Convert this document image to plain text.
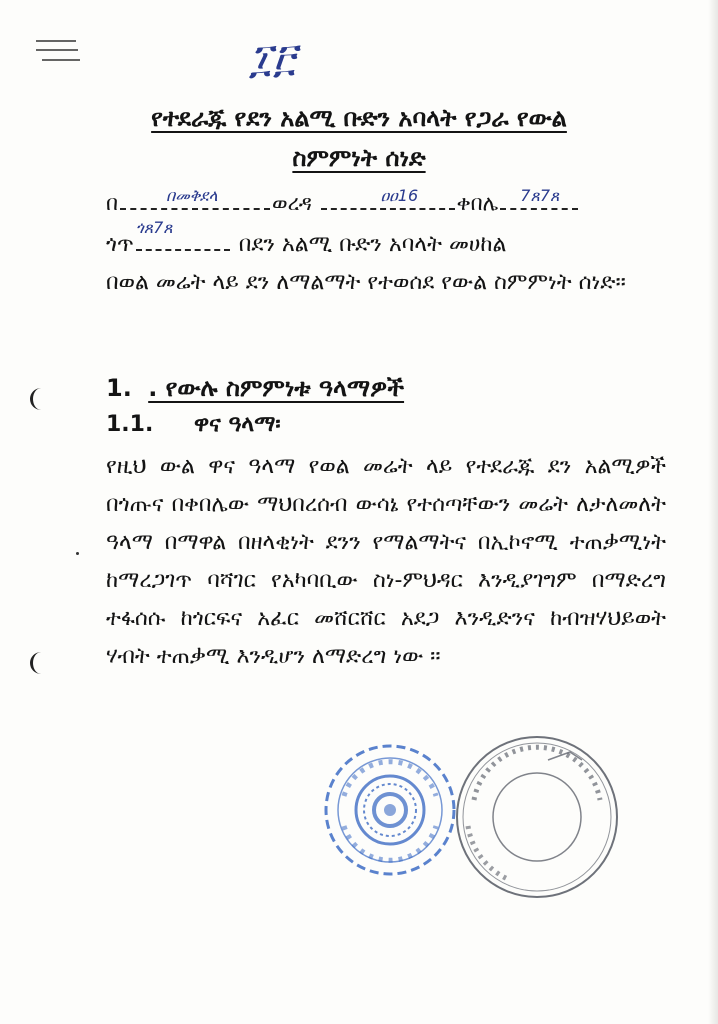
፲፫
የተደራጁ የደን አልሚ ቡድን አባላት የጋራ የውል
ስምምነት ሰነድ
በ	በመቅደላ	ወረዳ	ዐዐ16 ቀበሌ 7ጸ7ጸ
ጎጥ
ጎጸ7ጸ
በደን አልሚ ቡድን አባላት መሀከል
በወል መሬት ላይ ደን ለማልማት የተወሰደ የውል ስምምነት ሰነድ፡፡
1. . የውሉ ስምምነቱ ዓላማዎች
1.1. ዋና ዓላማ፡

የዚህ ውል ዋና ዓላማ የወል መሬት ላይ የተደራጁ ደን አልሚዎች በጎጡና በቀበሌው ማህበረሰብ ውሳኔ የተሰጣቸውን መሬት ለታለመለት ዓላማ በማዋል በዘላቂነት ደንን የማልማትና በኢኮኖሚ ተጠቃሚነት ከማረጋገጥ ባሻገር የአካባቢው ስነ-ምህዳር እንዲያገግም በማድረግ ተፋሰሱ ከጎርፍና አፈር መሸርሸር አደጋ እንዲድንና ከብዝሃህይወት ሃብት ተጠቃሚ እንዲሆን ለማድረግ ነው ፡፡
